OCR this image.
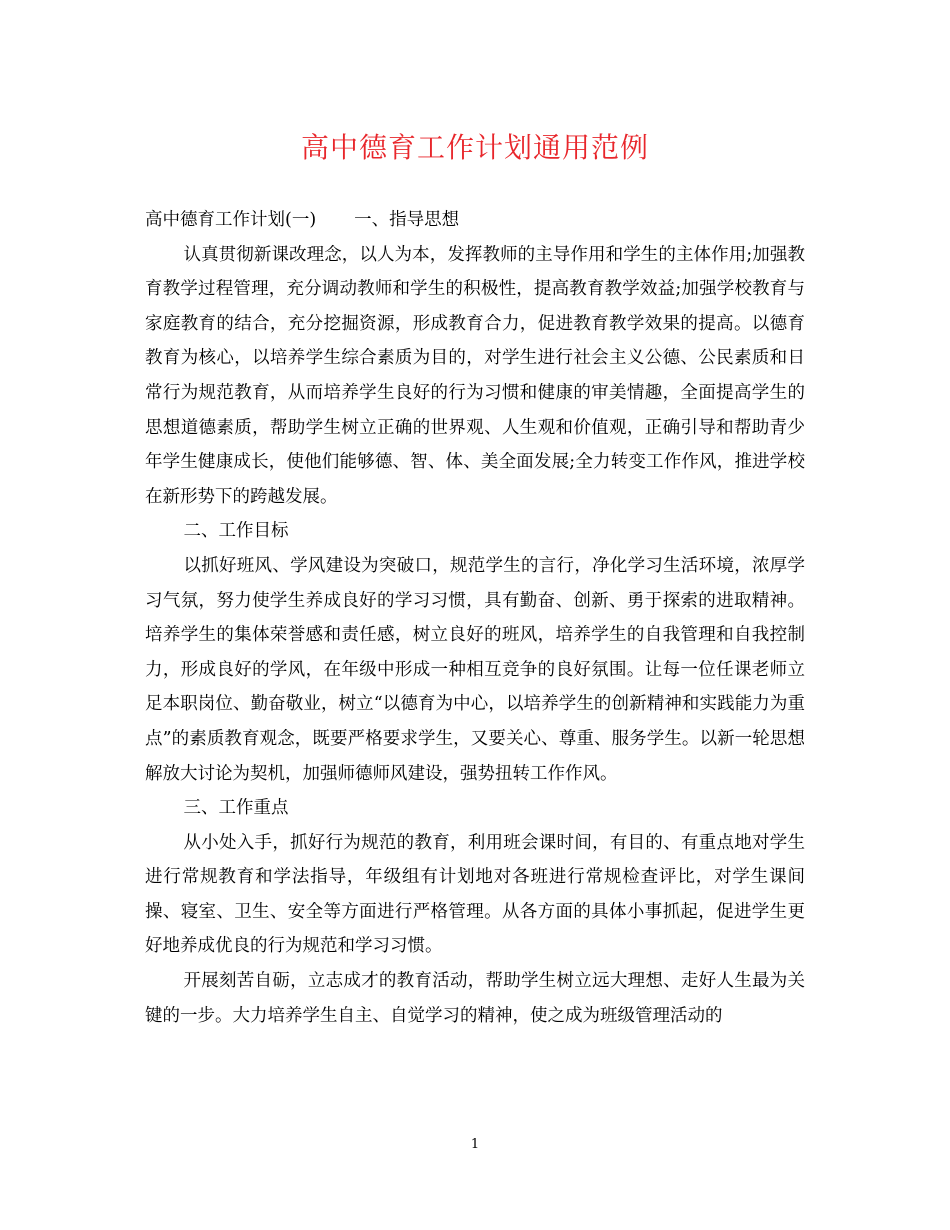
高中德育工作计划通用范例

高中德育工作计划(一) 一、指导思想

认真贯彻新课改理念，以人为本，发挥教师的主导作用和学生的主体作用;加强教育教学过程管理，充分调动教师和学生的积极性，提高教育教学效益;加强学校教育与家庭教育的结合，充分挖掘资源，形成教育合力，促进教育教学效果的提高。以德育教育为核心，以培养学生综合素质为目的，对学生进行社会主义公德、公民素质和日常行为规范教育，从而培养学生良好的行为习惯和健康的审美情趣，全面提高学生的思想道德素质，帮助学生树立正确的世界观、人生观和价值观，正确引导和帮助青少年学生健康成长，使他们能够德、智、体、美全面发展;全力转变工作作风，推进学校在新形势下的跨越发展。

二、工作目标

以抓好班风、学风建设为突破口，规范学生的言行，净化学习生活环境，浓厚学习气氛，努力使学生养成良好的学习习惯，具有勤奋、创新、勇于探索的进取精神。培养学生的集体荣誉感和责任感，树立良好的班风，培养学生的自我管理和自我控制力，形成良好的学风，在年级中形成一种相互竞争的良好氛围。让每一位任课老师立足本职岗位、勤奋敬业，树立“以德育为中心，以培养学生的创新精神和实践能力为重点”的素质教育观念，既要严格要求学生，又要关心、尊重、服务学生。以新一轮思想解放大讨论为契机，加强师德师风建设，强势扭转工作作风。

三、工作重点

从小处入手，抓好行为规范的教育，利用班会课时间，有目的、有重点地对学生进行常规教育和学法指导，年级组有计划地对各班进行常规检查评比，对学生课间操、寝室、卫生、安全等方面进行严格管理。从各方面的具体小事抓起，促进学生更好地养成优良的行为规范和学习习惯。

开展刻苦自砺，立志成才的教育活动，帮助学生树立远大理想、走好人生最为关键的一步。大力培养学生自主、自觉学习的精神，使之成为班级管理活动的

1
